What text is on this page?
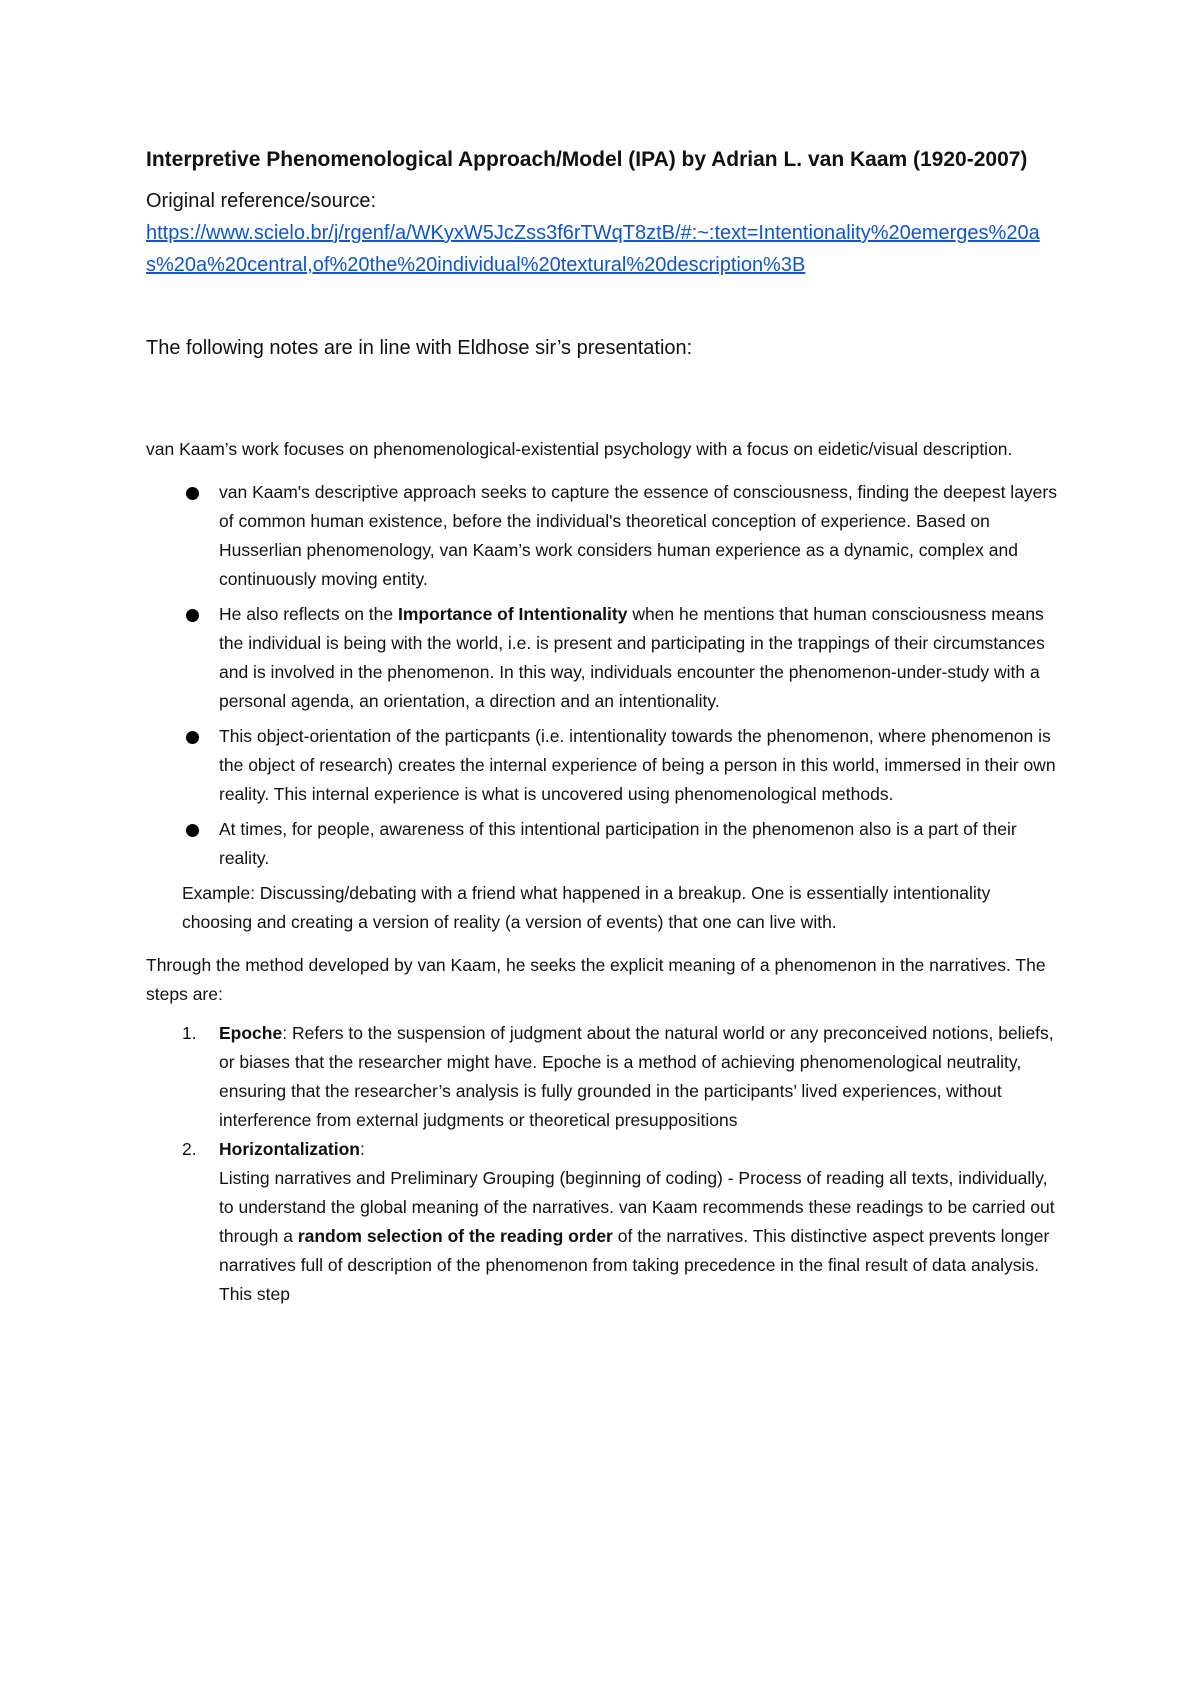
Interpretive Phenomenological Approach/Model (IPA) by Adrian L. van Kaam (1920-2007)

Original reference/source:

https://www.scielo.br/j/rgenf/a/WKyxW5JcZss3f6rTWqT8ztB/#:~:text=Intentionality%20emerges%20as%20a%20central,of%20the%20individual%20textural%20description%3B

The following notes are in line with Eldhose sir’s presentation:

van Kaam’s work focuses on phenomenological-existential psychology with a focus on eidetic/visual description.

van Kaam's descriptive approach seeks to capture the essence of consciousness, finding the deepest layers of common human existence, before the individual's theoretical conception of experience. Based on Husserlian phenomenology, van Kaam’s work considers human experience as a dynamic, complex and continuously moving entity.
He also reflects on the Importance of Intentionality when he mentions that human consciousness means the individual is being with the world, i.e. is present and participating in the trappings of their circumstances and is involved in the phenomenon. In this way, individuals encounter the phenomenon-under-study with a personal agenda, an orientation, a direction and an intentionality.
This object-orientation of the particpants (i.e. intentionality towards the phenomenon, where phenomenon is the object of research) creates the internal experience of being a person in this world, immersed in their own reality. This internal experience is what is uncovered using phenomenological methods.
At times, for people, awareness of this intentional participation in the phenomenon also is a part of their reality.

Example: Discussing/debating with a friend what happened in a breakup. One is essentially intentionality choosing and creating a version of reality (a version of events) that one can live with.

Through the method developed by van Kaam, he seeks the explicit meaning of a phenomenon in the narratives. The steps are:

1. Epoche: Refers to the suspension of judgment about the natural world or any preconceived notions, beliefs, or biases that the researcher might have. Epoche is a method of achieving phenomenological neutrality, ensuring that the researcher’s analysis is fully grounded in the participants’ lived experiences, without interference from external judgments or theoretical presuppositions
2. Horizontalization:
Listing narratives and Preliminary Grouping (beginning of coding) - Process of reading all texts, individually, to understand the global meaning of the narratives. van Kaam recommends these readings to be carried out through a random selection of the reading order of the narratives. This distinctive aspect prevents longer narratives full of description of the phenomenon from taking precedence in the final result of data analysis. This step
